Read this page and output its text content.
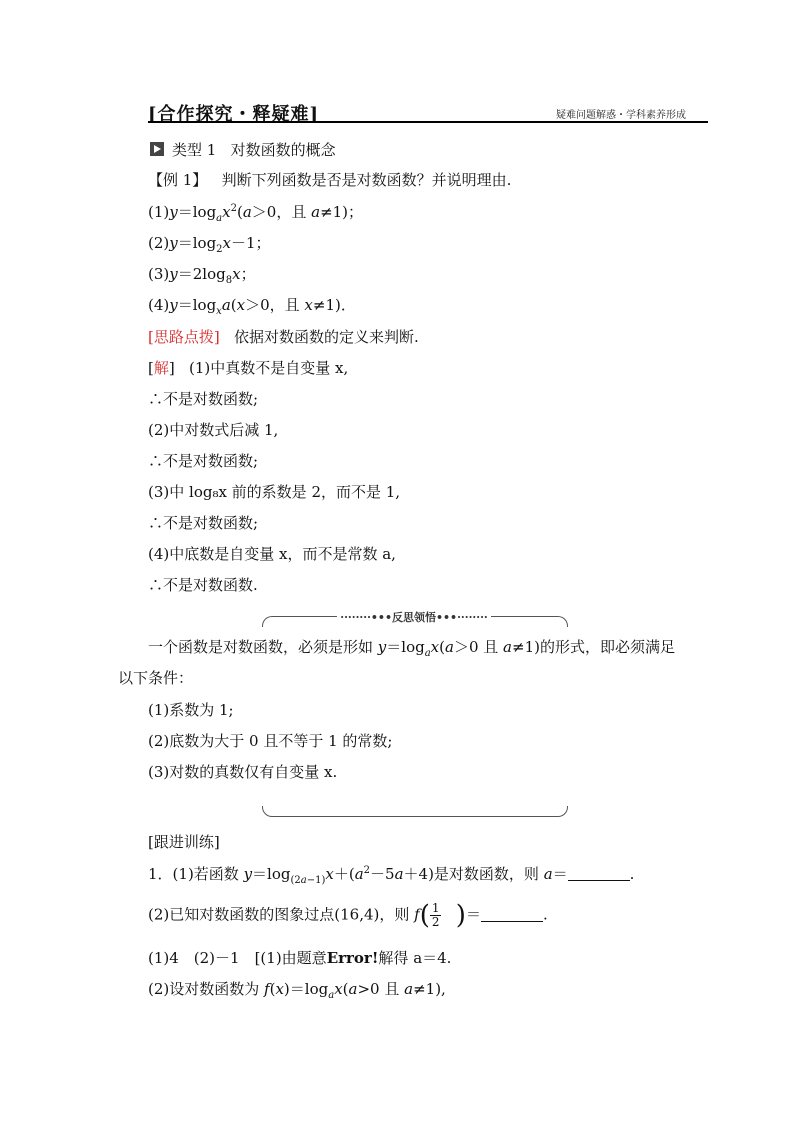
[合作探究・释疑难]	疑难问题解惑・学科素养形成
类型 1 对数函数的概念
【例 1】 判断下列函数是否是对数函数？并说明理由.
$(1)y=\log_ax^2(a>0$，且 a≠1)；
$(2)y=\log_2x-1$；
$(3)y=2\log_8x$；
$(4)y=\log_xa(x>0$，且 x≠1)．
[思路点拨] 依据对数函数的定义来判断.
[解]   (1)中真数不是自变量 x,
∴不是对数函数;
(2)中对数式后减 1,
∴不是对数函数;
(3)中 log₈x 前的系数是 2，而不是 1,
∴不是对数函数;
(4)中底数是自变量 x，而不是常数 a,
∴不是对数函数.
········•••反思领悟•••········
一个函数是对数函数，必须是形如 $y=\log_ax(a>0$ 且 a≠1)的形式，即必须满足
以下条件：
(1)系数为 1;
(2)底数为大于 0 且不等于 1 的常数;
(3)对数的真数仅有自变量 x.
[跟进训练]
1．(1)若函数 $y=\log_{(2a-1)}x+(a^2-5a+4)$是对数函数，则 a＝	.
(2)已知对数函数的图象过点(16,4)，则 $f( \frac{1}{2}$ )＝	.
(1)4　(2)－1　[(1)由题意Error!解得 a＝4.
(2)设对数函数为 $f(x)=\log_ax(a>0$ 且 a≠1),
